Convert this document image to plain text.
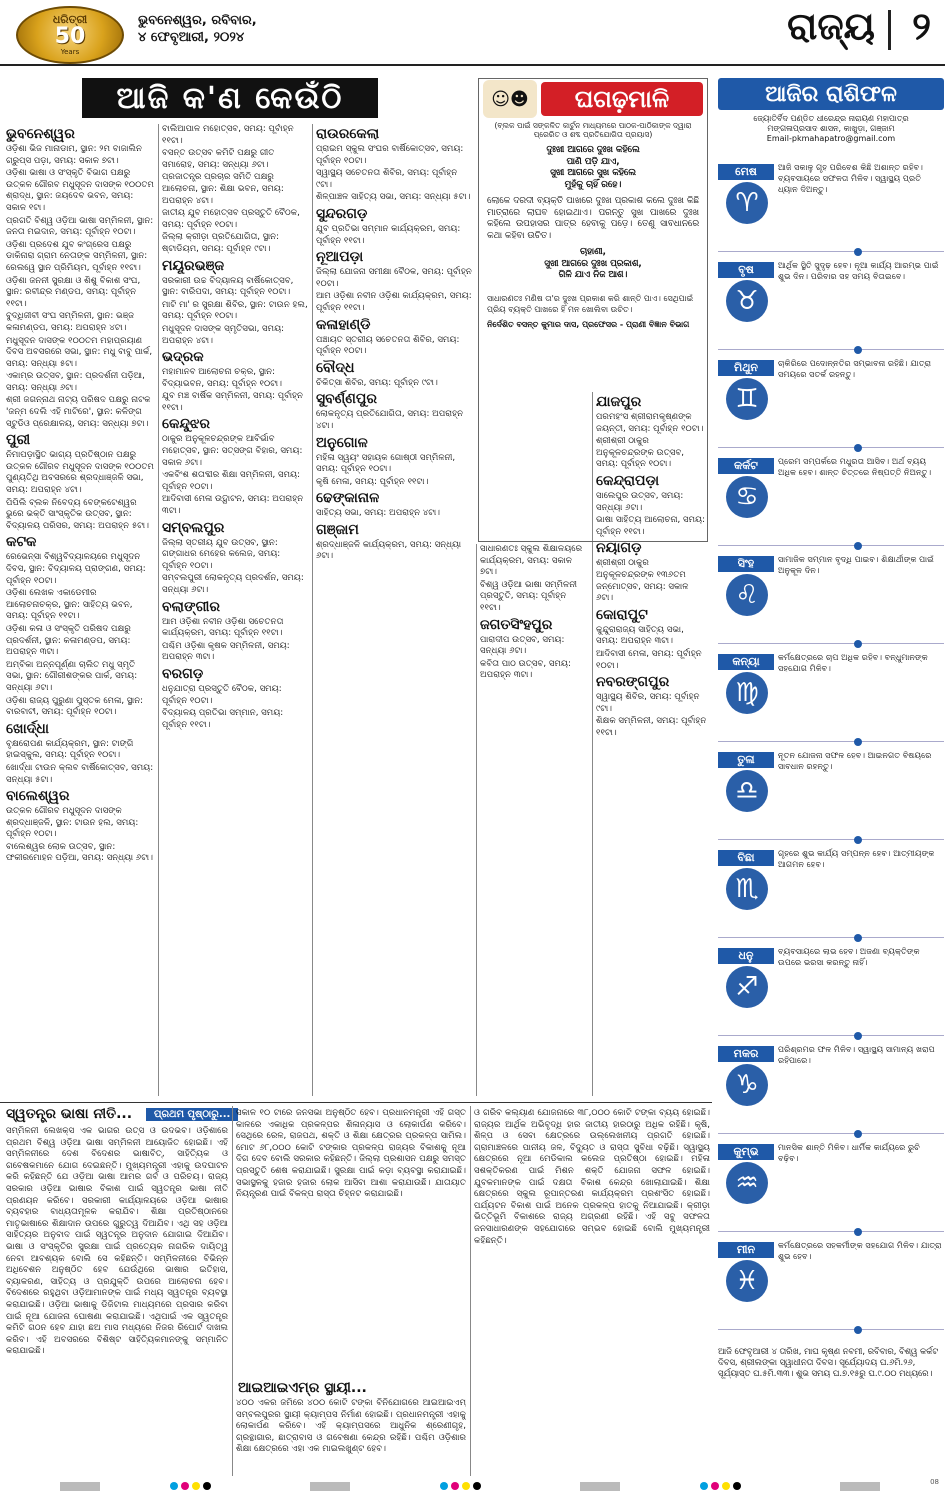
ଧରିତ୍ରୀ
50
Years
ଭୁବନେଶ୍ୱର, ରବିବାର,
୪ ଫେବୃଆରୀ, ୨୦୨୪	ରାଜ୍ୟ ୨
ଆଜି କ'ଣ କେଉଁଠି
ଭୁବନେଶ୍ୱର

ଓଡ଼ିଶା ଭିଜ ମାନାଡାମ, ସ୍ଥାନ: ୨ମ ବାଜାଲିନ ଗ୍ରୁପ୍ସ ପଡ଼ା, ସମୟ: ସକାଳ ୭ଟା।

ଓଡ଼ିଶା ଭାଷା ଓ ସଂସ୍କୃତି ବିଭାଗ ପକ୍ଷରୁ ଉତ୍କଳ ଗୌରବ ମଧୁସୂଦନ ଦାସଙ୍କ ୧୦୦ତମ ଶ୍ରାଦ୍ଧ, ସ୍ଥାନ: ଜୟଦେବ ଭବନ, ସମୟ: ସକାଳ ୧ଟା।

ପ୍ରଗତି ବିଶ୍ୱ ଓଡ଼ିଆ ଭାଷା ସମ୍ମିଳନୀ, ସ୍ଥାନ: ଜନତା ମଇଦାନ, ସମୟ: ପୂର୍ବାହ୍ନ ୧୦ଟା।

ଓଡ଼ିଶା ପ୍ରଦେଶ ଯୁବ କଂଗ୍ରେସ ପକ୍ଷରୁ ଡାକିନାରା ଗ୍ରାମ ନେତାଙ୍କ ସମ୍ମିଳନୀ, ସ୍ଥାନ: ରେଲୱେ ସ୍ଥାନ ପ୍ରିମିୟମ, ପୂର୍ବାହ୍ନ ୧୧ଟା।

ଓଡ଼ିଶା ଜନନୀ ସୁରକ୍ଷା ଓ ଶିଶୁ ବିକାଶ ସଂଘ, ସ୍ଥାନ: ରବୀନ୍ଦ୍ର ମଣ୍ଡପ, ସମୟ: ପୂର୍ବାହ୍ନ ୧୧ଟା।

ବୁଦ୍ଧିଜୀବୀ ସଂଘ ସମ୍ମିଳନୀ, ସ୍ଥାନ: ଭଞ୍ଜ କଳାମଣ୍ଡପ, ସମୟ: ଅପରାହ୍ନ ୪ଟା।

ମଧୁସୂଦନ ଦାସଙ୍କ ୧୦୦ତମ ମହାପ୍ରୟାଣ ଦିବସ ଅବସରରେ ସଭା, ସ୍ଥାନ: ମଧୁ ବାବୁ ପାର୍କ, ସମୟ: ସନ୍ଧ୍ୟା ୫ଟା।

ଏକାମ୍ର ଉତ୍ସବ, ସ୍ଥାନ: ପ୍ରଦର୍ଶନୀ ପଡ଼ିଆ, ସମୟ: ସନ୍ଧ୍ୟା ୬ଟା।

ଶ୍ରୀ ଜଗନ୍ନାଥ ନାଟ୍ୟ ପରିଷଦ ପକ୍ଷରୁ ନାଟକ 'ଜନ୍ମ ଦେଲି ଏହି ମାଟିରେ', ସ୍ଥାନ: କଳିଙ୍ଗ ସ୍ଟୁଡିଓ ପ୍ରେକ୍ଷାଳୟ, ସମୟ: ସନ୍ଧ୍ୟା ୭ଟା।

ପୁରୀ

ନିମାପଡ଼ାସ୍ଥିତ ଭାଗ୍ୟ ପ୍ରତିଷ୍ଠାନ ପକ୍ଷରୁ ଉତ୍କଳ ଗୌରବ ମଧୁସୂଦନ ଦାସଙ୍କ ୧୦୦ତମ ପୁଣ୍ୟତିଥି ଅବସରରେ ଶ୍ରଦ୍ଧାଞ୍ଜଳି ସଭା, ସମୟ: ଅପରାହ୍ନ ୪ଟା।

ପିପିଲି ବ୍ଲକ ନିବେଦ୍ୟ ବେଙ୍କଟେଶ୍ୱର ଭୁରେ ଭକ୍ତି ସାଂସ୍କୃତିକ ଉତ୍ସବ, ସ୍ଥାନ: ବିଦ୍ୟାଳୟ ପରିସର, ସମୟ: ଅପରାହ୍ନ ୫ଟା।

କଟକ

ରେଭେନ୍ସା ବିଶ୍ୱବିଦ୍ୟାଳୟରେ ମଧୁସୂଦନ ଦିବସ, ସ୍ଥାନ: ବିଦ୍ୟାଳୟ ପ୍ରାଙ୍ଗଣ, ସମୟ: ପୂର୍ବାହ୍ନ ୧୦ଟା।

ଓଡ଼ିଶା ଲେଖକ ଏକାଡେମୀର ଆଲୋଚନାଚକ୍ର, ସ୍ଥାନ: ସାହିତ୍ୟ ଭବନ, ସମୟ: ପୂର୍ବାହ୍ନ ୧୧ଟା।

ଓଡ଼ିଶା କଳା ଓ ସଂସ୍କୃତି ପରିଷଦ ପକ୍ଷରୁ ପ୍ରଦର୍ଶନୀ, ସ୍ଥାନ: କଳାମଣ୍ଡପ, ସମୟ: ଅପରାହ୍ନ ୩ଟା।

ଅମ୍ବିକା ଅନ୍ନପୂର୍ଣ୍ଣା ଚାଲିତ ମଧୁ ସ୍ମୃତି ସଭା, ସ୍ଥାନ: ଗୌରୀଶଙ୍କର ପାର୍କ, ସମୟ: ସନ୍ଧ୍ୟା ୬ଟା।

ଓଡ଼ିଶା ରାଜ୍ୟ ପୁରୁଣା ପୁସ୍ତକ ମେଳା, ସ୍ଥାନ: ବାରବାଟୀ, ସମୟ: ପୂର୍ବାହ୍ନ ୧୦ଟା।

ଖୋର୍ଦ୍ଧା

ବୃକ୍ଷରୋପଣ କାର୍ଯ୍ୟକ୍ରମ, ସ୍ଥାନ: ଟାଙ୍ଗି ହାଇସ୍କୁଲ, ସମୟ: ପୂର୍ବାହ୍ନ ୧୦ଟା।

ଖୋର୍ଦ୍ଧା ଟାଉନ କ୍ଲବ ବାର୍ଷିକୋତ୍ସବ, ସମୟ: ସନ୍ଧ୍ୟା ୫ଟା।

ବାଲେଶ୍ୱର

ଉତ୍କଳ ଗୌରବ ମଧୁସୂଦନ ଦାସଙ୍କ ଶ୍ରଦ୍ଧାଞ୍ଜଳି, ସ୍ଥାନ: ଟାଉନ ହଲ, ସମୟ: ପୂର୍ବାହ୍ନ ୧୦ଟା।

ବାଲେଶ୍ୱର ଲୋକ ଉତ୍ସବ, ସ୍ଥାନ: ଫକୀରମୋହନ ପଡ଼ିଆ, ସମୟ: ସନ୍ଧ୍ୟା ୬ଟା।

ବାଲିଆପାଳ ମହୋତ୍ସବ, ସମୟ: ପୂର୍ବାହ୍ନ ୧୧ଟା।

ବସନ୍ତ ଉତ୍ସବ କମିଟି ପକ୍ଷରୁ ଗୀତ ସମାରୋହ, ସମୟ: ସନ୍ଧ୍ୟା ୬ଟା।

ପ୍ରଜାତନ୍ତ୍ର ପ୍ରଚାର ସମିତି ପକ୍ଷରୁ ଆଲୋଚନା, ସ୍ଥାନ: ଶିକ୍ଷା ଭବନ, ସମୟ: ଅପରାହ୍ନ ୪ଟା।

ଜାତୀୟ ଯୁବ ମହୋତ୍ସବ ପ୍ରସ୍ତୁତି ବୈଠକ, ସମୟ: ପୂର୍ବାହ୍ନ ୧୦ଟା।

ଜିଲ୍ଲା କ୍ରୀଡ଼ା ପ୍ରତିଯୋଗିତା, ସ୍ଥାନ: ଷ୍ଟାଡିୟମ, ସମୟ: ପୂର୍ବାହ୍ନ ୯ଟା।

ମୟୂରଭଞ୍ଜ

ସରକାରୀ ଉଚ୍ଚ ବିଦ୍ୟାଳୟ ବାର୍ଷିକୋତ୍ସବ, ସ୍ଥାନ: ବାରିପଦା, ସମୟ: ପୂର୍ବାହ୍ନ ୧୦ଟା।

ମାଟି ମା' ର ସୁରକ୍ଷା ଶିବିର, ସ୍ଥାନ: ଟାଉନ ହଲ, ସମୟ: ପୂର୍ବାହ୍ନ ୧୦ଟା।

ମଧୁସୂଦନ ଦାସଙ୍କ ସ୍ମୃତିସଭା, ସମୟ: ଅପରାହ୍ନ ୪ଟା।

ଭଦ୍ରକ

ମହାମାନବ ଆଲୋଚନା ଚକ୍ର, ସ୍ଥାନ: ବିଦ୍ୟାଭବନ, ସମୟ: ପୂର୍ବାହ୍ନ ୧୦ଟା।

ଯୁବ ମଞ୍ଚ ବାର୍ଷିକ ସମ୍ମିଳନୀ, ସମୟ: ପୂର୍ବାହ୍ନ ୧୧ଟା।

କେନ୍ଦୁଝର

ଠାକୁର ଅନୁକୂଳଚନ୍ଦ୍ରଙ୍କ ଆବିର୍ଭାବ ମହୋତ୍ସବ, ସ୍ଥାନ: ସତ୍ସଙ୍ଗ ବିହାର, ସମୟ: ସକାଳ ୬ଟା।

ଏକବିଂଶ ଶତାବ୍ଦୀର ଶିକ୍ଷା ସମ୍ମିଳନୀ, ସମୟ: ପୂର୍ବାହ୍ନ ୧୦ଟା।

ଆଦିବାସୀ ମେଳା ଉଦ୍ଘାଟନ, ସମୟ: ଅପରାହ୍ନ ୩ଟା।

ସମ୍ବଲପୁର

ଜିଲ୍ଲା ସ୍ତରୀୟ ଯୁବ ଉତ୍ସବ, ସ୍ଥାନ: ଗଙ୍ଗାଧର ମେହେର କଲେଜ, ସମୟ: ପୂର୍ବାହ୍ନ ୧୦ଟା।

ସମ୍ବଲପୁରୀ ଲୋକନୃତ୍ୟ ପ୍ରଦର୍ଶନ, ସମୟ: ସନ୍ଧ୍ୟା ୬ଟା।

ବଲାଙ୍ଗୀର

ଆମ ଓଡ଼ିଶା ନବୀନ ଓଡ଼ିଶା ସଚେତନତା କାର୍ଯ୍ୟକ୍ରମ, ସମୟ: ପୂର୍ବାହ୍ନ ୧୧ଟା।

ପଶ୍ଚିମ ଓଡ଼ିଶା କୃଷକ ସମ୍ମିଳନୀ, ସମୟ: ଅପରାହ୍ନ ୩ଟା।

ବରଗଡ଼

ଧନୁଯାତ୍ରା ପ୍ରସ୍ତୁତି ବୈଠକ, ସମୟ: ପୂର୍ବାହ୍ନ ୧୦ଟା।

ବିଦ୍ୟାଳୟ ପ୍ରତିଭା ସମ୍ମାନ, ସମୟ: ପୂର୍ବାହ୍ନ ୧୧ଟା।

ରାଉରକେଲା

ପ୍ରାଇମ ସ୍କୁଲ ସଂଘର ବାର୍ଷିକୋତ୍ସବ, ସମୟ: ପୂର୍ବାହ୍ନ ୧୦ଟା।

ସ୍ୱାସ୍ଥ୍ୟ ସଚେତନତା ଶିବିର, ସମୟ: ପୂର୍ବାହ୍ନ ୯ଟା।

ଶିଳ୍ପାଞ୍ଚଳ ସାହିତ୍ୟ ସଭା, ସମୟ: ସନ୍ଧ୍ୟା ୫ଟା।

ସୁନ୍ଦରଗଡ଼

ଯୁବ ପ୍ରତିଭା ସମ୍ମାନ କାର୍ଯ୍ୟକ୍ରମ, ସମୟ: ପୂର୍ବାହ୍ନ ୧୧ଟା।

ନୂଆପଡ଼ା

ଜିଲ୍ଲା ଯୋଜନା ସମୀକ୍ଷା ବୈଠକ, ସମୟ: ପୂର୍ବାହ୍ନ ୧୦ଟା।

ଆମ ଓଡ଼ିଶା ନବୀନ ଓଡ଼ିଶା କାର୍ଯ୍ୟକ୍ରମ, ସମୟ: ପୂର୍ବାହ୍ନ ୧୧ଟା।

କଳାହାଣ୍ଡି

ପଞ୍ଚାୟତ ସ୍ତରୀୟ ସଚେତନତା ଶିବିର, ସମୟ: ପୂର୍ବାହ୍ନ ୧୦ଟା।

ବୌଦ୍ଧ

ଚିକିତ୍ସା ଶିବିର, ସମୟ: ପୂର୍ବାହ୍ନ ୯ଟା।

ସୁବର୍ଣ୍ଣପୁର

ଲୋକନୃତ୍ୟ ପ୍ରତିଯୋଗିତା, ସମୟ: ଅପରାହ୍ନ ୪ଟା।

ଅନୁଗୋଳ

ମହିଳା ସ୍ୱୟଂ ସହାୟକ ଗୋଷ୍ଠୀ ସମ୍ମିଳନୀ, ସମୟ: ପୂର୍ବାହ୍ନ ୧୦ଟା।

କୃଷି ମେଳା, ସମୟ: ପୂର୍ବାହ୍ନ ୧୧ଟା।

ଢେଙ୍କାନାଳ

ସାହିତ୍ୟ ସଭା, ସମୟ: ଅପରାହ୍ନ ୪ଟା।

ଗଞ୍ଜାମ

ଶ୍ରଦ୍ଧାଞ୍ଜଳି କାର୍ଯ୍ୟକ୍ରମ, ସମୟ: ସନ୍ଧ୍ୟା ୬ଟା।

ସାଧାରଣତଃ ସ୍କୁଲ ଶିକ୍ଷାଳୟରେ କାର୍ଯ୍ୟକ୍ରମ, ସମୟ: ସକାଳ ୭ଟା।

ବିଶ୍ୱ ଓଡ଼ିଆ ଭାଷା ସମ୍ମିଳନୀ ପ୍ରସ୍ତୁତି, ସମୟ: ପୂର୍ବାହ୍ନ ୧୧ଟା।

ଜଗତସିଂହପୁର

ପାରାଦୀପ ଉତ୍ସବ, ସମୟ: ସନ୍ଧ୍ୟା ୬ଟା।

କବିତା ପାଠ ଉତ୍ସବ, ସମୟ: ଅପରାହ୍ନ ୩ଟା।

ଯାଜପୁର

ପରମହଂସ ଶ୍ରୀରାମକୃଷ୍ଣଙ୍କ ଜୟନ୍ତୀ, ସମୟ: ପୂର୍ବାହ୍ନ ୧୦ଟା।

ଶ୍ରୀଶ୍ରୀ ଠାକୁର ଅନୁକୂଳଚନ୍ଦ୍ରଙ୍କ ଉତ୍ସବ, ସମୟ: ପୂର୍ବାହ୍ନ ୧୦ଟା।

କେନ୍ଦ୍ରାପଡ଼ା

ସାଲେପୁର ଉତ୍ସବ, ସମୟ: ସନ୍ଧ୍ୟା ୬ଟା।

ଭାଷା ସାହିତ୍ୟ ଆଲୋଚନା, ସମୟ: ପୂର୍ବାହ୍ନ ୧୧ଟା।

ନୟାଗଡ଼

ଶ୍ରୀଶ୍ରୀ ଠାକୁର ଅନୁକୂଳଚନ୍ଦ୍ରଙ୍କ ୧୩୬ତମ ଜନ୍ମୋତ୍ସବ, ସମୟ: ସକାଳ ୬ଟା।

କୋରାପୁଟ

କୁନ୍ଦୁରାରାଜ୍ୟ ସାହିତ୍ୟ ସଭା, ସମୟ: ଅପରାହ୍ନ ୩ଟା।

ଆଦିବାସୀ ମେଳା, ସମୟ: ପୂର୍ବାହ୍ନ ୧୦ଟା।

ନବରଙ୍ଗପୁର

ସ୍ୱାସ୍ଥ୍ୟ ଶିବିର, ସମୟ: ପୂର୍ବାହ୍ନ ୯ଟା।

ଶିକ୍ଷକ ସମ୍ମିଳନୀ, ସମୟ: ପୂର୍ବାହ୍ନ ୧୧ଟା।

☺☻	ଘଗଢ଼ମାଳି
(ବ୍ଲକ ପାଇଁ ସଙ୍କଳିତ କାର୍ଟୁନ ମାଧ୍ୟମରେ ପାଠକ-ପାଠିକାଙ୍କ ଦ୍ୱାରା ପ୍ରେରିତ ଓ ଶବ୍ଦ ପ୍ରତିଯୋଗିତା ପ୍ରୟାସ)

ଦୁଃଖୀ ଆଗରେ ଦୁଃଖ କହିଲେ
ପାଣି ପଡ଼ି ଯାଏ,
ସୁଖୀ ଆଗରେ ସୁଖ କହିଲେ
ମୁହଁକୁ ଚାହିଁ ରହେ।

ଲୋକେ ଦରଦୀ ବ୍ୟକ୍ତି ପାଖରେ ଦୁଃଖ ପ୍ରକାଶ କଲେ ଦୁଃଖ କିଛି ମାତ୍ରାରେ ଲାଘବ ହୋଇଥାଏ। ପରନ୍ତୁ ସୁଖ ପାଖରେ ଦୁଃଖ କହିଲେ ଉପହାସର ପାତ୍ର ହେବାକୁ ପଡ଼େ। ତେଣୁ ସାବଧାନରେ କଥା କହିବା ଉଚିତ।

ଚାହାଣୀ,
ସୁଖୀ ଆଗରେ ଦୁଃଖ ପ୍ରକାଶ,
ଗିଳି ଯାଏ ନିଜ ଆଶ।

ସାଧାରଣତଃ ମଣିଷ ତା'ର ଦୁଃଖ ପ୍ରକାଶ କରି ଶାନ୍ତି ପାଏ। ସେଥିପାଇଁ ପ୍ରିୟ ବ୍ୟକ୍ତି ପାଖରେ ହିଁ ମନ ଖୋଲିବା ଉଚିତ।
ନିର୍ଦେଶିତ ବସନ୍ତ କୁମାର ଦାସ, ପ୍ରଫେସର - ପ୍ରାଣୀ ବିଜ୍ଞାନ ବିଭାଗ
ଆଜିର ରାଶିଫଳ
ଜ୍ୟୋତିର୍ବିଦ ପଣ୍ଡିତ ଧୀରେନ୍ଦ୍ର ନାରାୟଣ ମହାପାତ୍ର
ମଙ୍ଗଳାପ୍ରସାଦ ଶାସନ, କାଖୁଡ଼ା, ଗଞ୍ଜାମ
Email-pkmahapatro@gmail.com
ମେଷ
♈
ଆଜି ସକାଳୁ ଗୃହ ପରିବେଶ କିଛି ଅଶାନ୍ତ ରହିବ। ବ୍ୟବସାୟରେ ସଫଳତା ମିଳିବ। ସ୍ୱାସ୍ଥ୍ୟ ପ୍ରତି ଧ୍ୟାନ ଦିଅନ୍ତୁ।
ବୃଷ
♉
ଆର୍ଥିକ ସ୍ଥିତି ସୁଦୃଢ଼ ହେବ। ନୂଆ କାର୍ଯ୍ୟ ଆରମ୍ଭ ପାଇଁ ଶୁଭ ଦିନ। ପରିବାର ସହ ସମୟ ବିତାଇବେ।
ମିଥୁନ
♊
ଚାକିରିରେ ପଦୋନ୍ନତିର ସମ୍ଭାବନା ରହିଛି। ଯାତ୍ରା ସମୟରେ ସତର୍କ ରହନ୍ତୁ।
କର୍କଟ
♋
ପ୍ରେମ ସମ୍ପର୍କରେ ମଧୁରତା ଆସିବ। ଅର୍ଥ ବ୍ୟୟ ଅଧିକ ହେବ। ଶାନ୍ତ ଚିତ୍ତରେ ନିଷ୍ପତ୍ତି ନିଅନ୍ତୁ।
ସିଂହ
♌
ସାମାଜିକ ସମ୍ମାନ ବୃଦ୍ଧି ପାଇବ। ଶିକ୍ଷାର୍ଥୀଙ୍କ ପାଇଁ ଅନୁକୂଳ ଦିନ।
କନ୍ୟା
♍
କର୍ମକ୍ଷେତ୍ରରେ ଚାପ ଅଧିକ ରହିବ। ବନ୍ଧୁମାନଙ୍କ ସହଯୋଗ ମିଳିବ।
ତୁଳା
♎
ନୂତନ ଯୋଜନା ସଫଳ ହେବ। ଆଇନଗତ ବିଷୟରେ ସାବଧାନ ରହନ୍ତୁ।
ବିଛା
♏
ଗୃହରେ ଶୁଭ କାର୍ଯ୍ୟ ସମ୍ପନ୍ନ ହେବ। ଆତ୍ମୀୟଙ୍କ ଆଗମନ ହେବ।
ଧନୁ
♐
ବ୍ୟବସାୟରେ ଲାଭ ହେବ। ଅଜଣା ବ୍ୟକ୍ତିଙ୍କ ଉପରେ ଭରସା କରନ୍ତୁ ନାହିଁ।
ମକର
♑
ପରିଶ୍ରମର ଫଳ ମିଳିବ। ସ୍ୱାସ୍ଥ୍ୟ ସାମାନ୍ୟ ଖରାପ ରହିପାରେ।
କୁମ୍ଭ
♒
ମାନସିକ ଶାନ୍ତି ମିଳିବ। ଧାର୍ମିକ କାର୍ଯ୍ୟରେ ରୁଚି ବଢ଼ିବ।
ମୀନ
♓
କର୍ମକ୍ଷେତ୍ରରେ ସହକର୍ମୀଙ୍କ ସହଯୋଗ ମିଳିବ। ଯାତ୍ରା ଶୁଭ ହେବ।
ଆଜି ଫେବୃଆରୀ ୪ ତାରିଖ, ମାଘ କୃଷ୍ଣ ନବମୀ, ରବିବାର, ବିଶ୍ୱ କର୍କଟ ଦିବସ, ଶ୍ରୀଲଙ୍କା ସ୍ୱାଧୀନତା ଦିବସ। ସୂର୍ଯ୍ୟୋଦୟ ଘ.୬ମି.୨୬, ସୂର୍ଯ୍ୟାସ୍ତ ଘ.୫ମି.୩୩। ଶୁଭ ସମୟ ଘ.୭.୧୫ରୁ ଘ.୯.୦୦ ମଧ୍ୟରେ।
ସ୍ୱତନ୍ତ୍ର ଭାଷା ନୀତି...	ପ୍ରଥମ ପୃଷ୍ଠାରୁ...
ସମ୍ମିଳନୀ ଲେଖକ୍ସ ଏକ ଭାଗର ଉତ୍ସ ଓ ଉଦଭବ। ଓଡ଼ିଶାରେ ପ୍ରଥମ ବିଶ୍ୱ ଓଡ଼ିଆ ଭାଷା ସମ୍ମିଳନୀ ଆୟୋଜିତ ହୋଇଛି। ଏହି ସମ୍ମିଳନୀରେ ଦେଶ ବିଦେଶର ଭାଷାବିତ୍, ସାହିତ୍ୟିକ ଓ ଗବେଷକମାନେ ଯୋଗ ଦେଇଛନ୍ତି। ମୁଖ୍ୟମନ୍ତ୍ରୀ ଏହାକୁ ଉଦଘାଟନ କରି କହିଛନ୍ତି ଯେ ଓଡ଼ିଆ ଭାଷା ଆମର ଗର୍ବ ଓ ପରିଚୟ। ରାଜ୍ୟ ସରକାର ଓଡ଼ିଆ ଭାଷାର ବିକାଶ ପାଇଁ ସ୍ୱତନ୍ତ୍ର ଭାଷା ନୀତି ପ୍ରଣୟନ କରିବେ। ସରକାରୀ କାର୍ଯ୍ୟାଳୟରେ ଓଡ଼ିଆ ଭାଷାର ବ୍ୟବହାର ବାଧ୍ୟତାମୂଳକ କରାଯିବ। ଶିକ୍ଷା ପ୍ରତିଷ୍ଠାନରେ ମାତୃଭାଷାରେ ଶିକ୍ଷାଦାନ ଉପରେ ଗୁରୁତ୍ୱ ଦିଆଯିବ। ଏଥି ସହ ଓଡ଼ିଆ ସାହିତ୍ୟର ଅନୁବାଦ ପାଇଁ ସ୍ୱତନ୍ତ୍ର ଅନୁଦାନ ଯୋଗାଇ ଦିଆଯିବ। ଭାଷା ଓ ସଂସ୍କୃତିର ସୁରକ୍ଷା ପାଇଁ ପ୍ରତ୍ୟେକ ନାଗରିକ ଦାୟିତ୍ୱ ନେବା ଆବଶ୍ୟକ ବୋଲି ସେ କହିଛନ୍ତି। ସମ୍ମିଳନୀରେ ବିଭିନ୍ନ ଅଧିବେଶନ ଅନୁଷ୍ଠିତ ହେବ ଯେଉଁଥିରେ ଭାଷାର ଇତିହାସ, ବ୍ୟାକରଣ, ସାହିତ୍ୟ ଓ ପ୍ରଯୁକ୍ତି ଉପରେ ଆଲୋଚନା ହେବ। ବିଦେଶରେ ରହୁଥିବା ଓଡ଼ିଆମାନଙ୍କ ପାଇଁ ମଧ୍ୟ ସ୍ୱତନ୍ତ୍ର ବ୍ୟବସ୍ଥା କରାଯାଇଛି। ଓଡ଼ିଆ ଭାଷାକୁ ଡିଜିଟାଲ ମାଧ୍ୟମରେ ପ୍ରସାର କରିବା ପାଇଁ ନୂଆ ଯୋଜନା ଘୋଷଣା କରାଯାଇଛି। ଏଥିପାଇଁ ଏକ ସ୍ୱତନ୍ତ୍ର କମିଟି ଗଠନ ହେବ ଯାହା ଛଅ ମାସ ମଧ୍ୟରେ ନିଜର ରିପୋର୍ଟ ଦାଖଲ କରିବ। ଏହି ଅବସରରେ ବିଶିଷ୍ଟ ସାହିତ୍ୟିକମାନଙ୍କୁ ସମ୍ମାନିତ କରାଯାଇଛି।
ସକାଳ ୧୦ ଟାରେ ଜନସଭା ଅନୁଷ୍ଠିତ ହେବ। ପ୍ରଧାନମନ୍ତ୍ରୀ ଏହି ଗସ୍ତ କାଳରେ ଏକାଧିକ ପ୍ରକଳ୍ପର ଶିଳାନ୍ୟାସ ଓ ଲୋକାର୍ପଣ କରିବେ। ସେଥିରେ ରେଳ, ରାଜପଥ, ଶକ୍ତି ଓ ଶିକ୍ଷା କ୍ଷେତ୍ରର ପ୍ରକଳ୍ପ ସାମିଲ। ମୋଟ ୬୮,୦୦୦ କୋଟି ଟଙ୍କାର ପ୍ରକଳ୍ପ ରାଜ୍ୟର ବିକାଶକୁ ନୂଆ ଦିଗ ଦେବ ବୋଲି ସରକାର କହିଛନ୍ତି। ଜିଲ୍ଲା ପ୍ରଶାସନ ପକ୍ଷରୁ ସମସ୍ତ ପ୍ରସ୍ତୁତି ଶେଷ କରାଯାଇଛି। ସୁରକ୍ଷା ପାଇଁ କଡ଼ା ବ୍ୟବସ୍ଥା କରାଯାଇଛି। ସଭାସ୍ଥଳକୁ ହଜାର ହଜାର ଲୋକ ଆସିବା ଆଶା କରାଯାଉଛି। ଯାତାୟାତ ନିୟନ୍ତ୍ରଣ ପାଇଁ ବିକଳ୍ପ ରାସ୍ତା ଚିହ୍ନଟ କରାଯାଇଛି।
ଆଇଆଇଏମ୍‌ର ସ୍ଥାୟୀ...
୪୦୦ ଏକର ଜମିରେ ୪୦୦ କୋଟି ଟଙ୍କା ବିନିଯୋଗରେ ଆଇଆଇଏମ୍ ସମ୍ବଲପୁରର ସ୍ଥାୟୀ କ୍ୟାମ୍ପସ ନିର୍ମାଣ ହୋଇଛି। ପ୍ରଧାନମନ୍ତ୍ରୀ ଏହାକୁ ଲୋକାର୍ପଣ କରିବେ। ଏହି କ୍ୟାମ୍ପସରେ ଆଧୁନିକ ଶ୍ରେଣୀଗୃହ, ଗ୍ରନ୍ଥାଗାର, ଛାତ୍ରାବାସ ଓ ଗବେଷଣା କେନ୍ଦ୍ର ରହିଛି। ପଶ୍ଚିମ ଓଡ଼ିଶାର ଶିକ୍ଷା କ୍ଷେତ୍ରରେ ଏହା ଏକ ମାଇଲଖୁଣ୍ଟ ହେବ।
ଓ ଗରିବ କଲ୍ୟାଣ ଯୋଜନାରେ ୩୮,୦୦୦ କୋଟି ଟଙ୍କା ବ୍ୟୟ ହୋଇଛି। ରାଜ୍ୟର ଆର୍ଥିକ ଅଭିବୃଦ୍ଧି ହାର ଜାତୀୟ ହାରଠାରୁ ଅଧିକ ରହିଛି। କୃଷି, ଶିଳ୍ପ ଓ ସେବା କ୍ଷେତ୍ରରେ ଉଲ୍ଲେଖନୀୟ ପ୍ରଗତି ହୋଇଛି। ଗ୍ରାମାଞ୍ଚଳରେ ପାନୀୟ ଜଳ, ବିଦ୍ୟୁତ ଓ ରାସ୍ତା ସୁବିଧା ବଢ଼ିଛି। ସ୍ୱାସ୍ଥ୍ୟ କ୍ଷେତ୍ରରେ ନୂଆ ମେଡିକାଲ କଲେଜ ପ୍ରତିଷ୍ଠା ହୋଇଛି। ମହିଳା ସଶକ୍ତିକରଣ ପାଇଁ ମିଶନ ଶକ୍ତି ଯୋଜନା ସଫଳ ହୋଇଛି। ଯୁବକମାନଙ୍କ ପାଇଁ ଦକ୍ଷତା ବିକାଶ କେନ୍ଦ୍ର ଖୋଲାଯାଇଛି। ଶିକ୍ଷା କ୍ଷେତ୍ରରେ ସ୍କୁଲ ରୂପାନ୍ତରଣ କାର୍ଯ୍ୟକ୍ରମ ପ୍ରଶଂସିତ ହୋଇଛି। ପର୍ଯ୍ୟଟନ ବିକାଶ ପାଇଁ ଅନେକ ପ୍ରକଳ୍ପ ହାତକୁ ନିଆଯାଇଛି। କ୍ରୀଡ଼ା ଭିତ୍ତିଭୂମି ବିକାଶରେ ରାଜ୍ୟ ଅଗ୍ରଣୀ ରହିଛି। ଏହି ସବୁ ସଫଳତା ଜନସାଧାରଣଙ୍କ ସହଯୋଗରେ ସମ୍ଭବ ହୋଇଛି ବୋଲି ମୁଖ୍ୟମନ୍ତ୍ରୀ କହିଛନ୍ତି।
08
